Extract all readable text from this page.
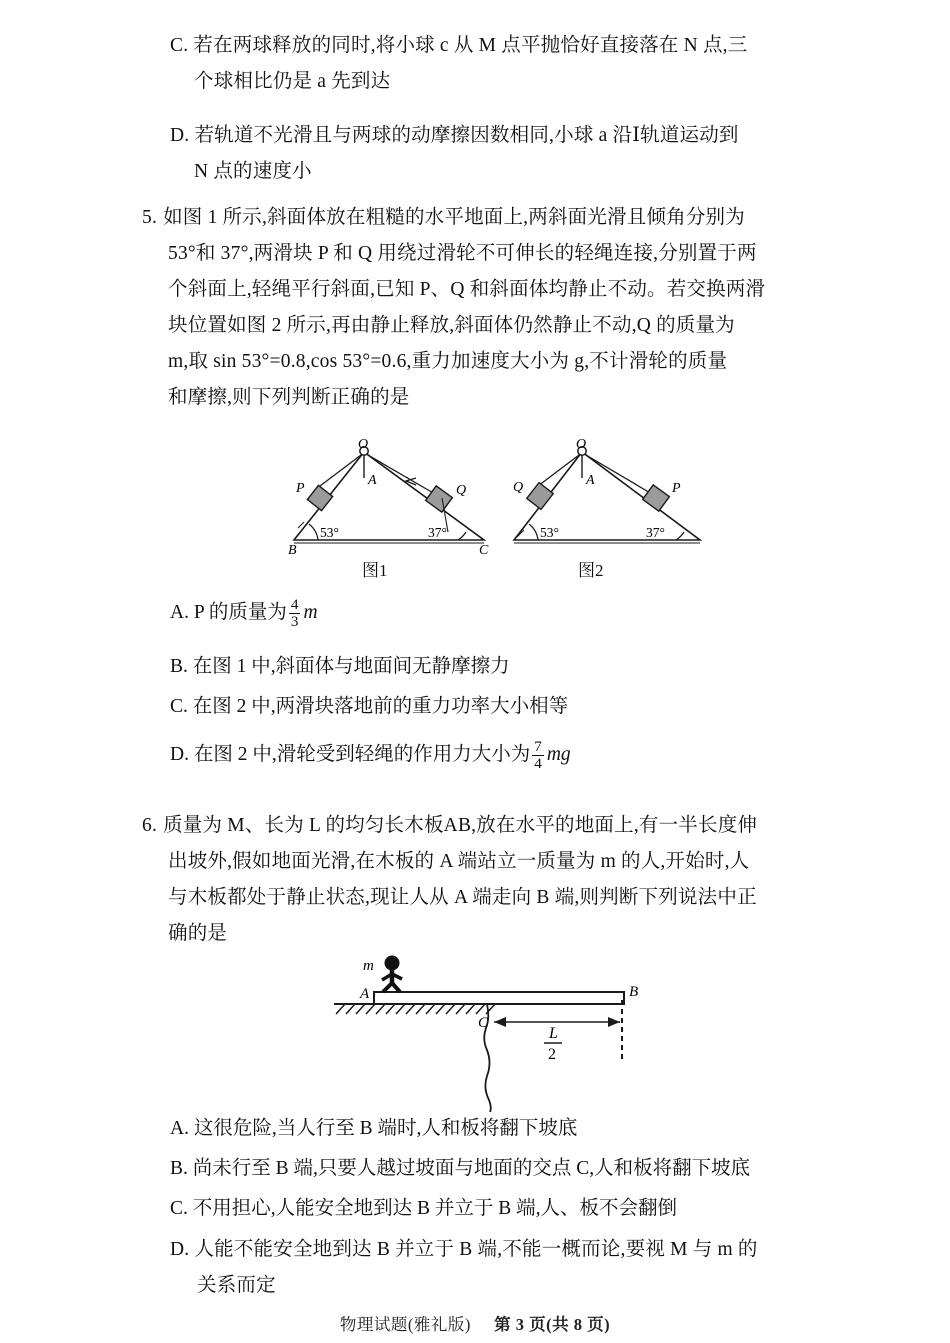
C. 若在两球释放的同时,将小球 c 从 M 点平抛恰好直接落在 N 点,三
个球相比仍是 a 先到达
D. 若轨道不光滑且与两球的动摩擦因数相同,小球 a 沿Ⅰ轨道运动到
N 点的速度小
5. 如图 1 所示,斜面体放在粗糙的水平地面上,两斜面光滑且倾角分别为
53°和 37°,两滑块 P 和 Q 用绕过滑轮不可伸长的轻绳连接,分别置于两
个斜面上,轻绳平行斜面,已知 P、Q 和斜面体均静止不动。若交换两滑
块位置如图 2 所示,再由静止释放,斜面体仍然静止不动,Q 的质量为
m,取 sin 53°=0.8,cos 53°=0.6,重力加速度大小为 g,不计滑轮的质量
和摩擦,则下列判断正确的是
O
A
P	Q
53°	37°
B	C
图1
O
A
Q	P
53°	37°
图2
A. P 的质量为 $\frac{4}{3}$ m
B. 在图 1 中,斜面体与地面间无静摩擦力
C. 在图 2 中,两滑块落地前的重力功率大小相等
D. 在图 2 中,滑轮受到轻绳的作用力大小为 $\frac{7}{4}$ mg
6. 质量为 M、长为 L 的均匀长木板AB,放在水平的地面上,有一半长度伸
出坡外,假如地面光滑,在木板的 A 端站立一质量为 m 的人,开始时,人
与木板都处于静止状态,现让人从 A 端走向 B 端,则判断下列说法中正
确的是
m
A	B
C
L
2
A. 这很危险,当人行至 B 端时,人和板将翻下坡底
B. 尚未行至 B 端,只要人越过坡面与地面的交点 C,人和板将翻下坡底
C. 不用担心,人能安全地到达 B 并立于 B 端,人、板不会翻倒
D. 人能不能安全地到达 B 并立于 B 端,不能一概而论,要视 M 与 m 的
关系而定
物理试题(雅礼版) 第 3 页(共 8 页)
